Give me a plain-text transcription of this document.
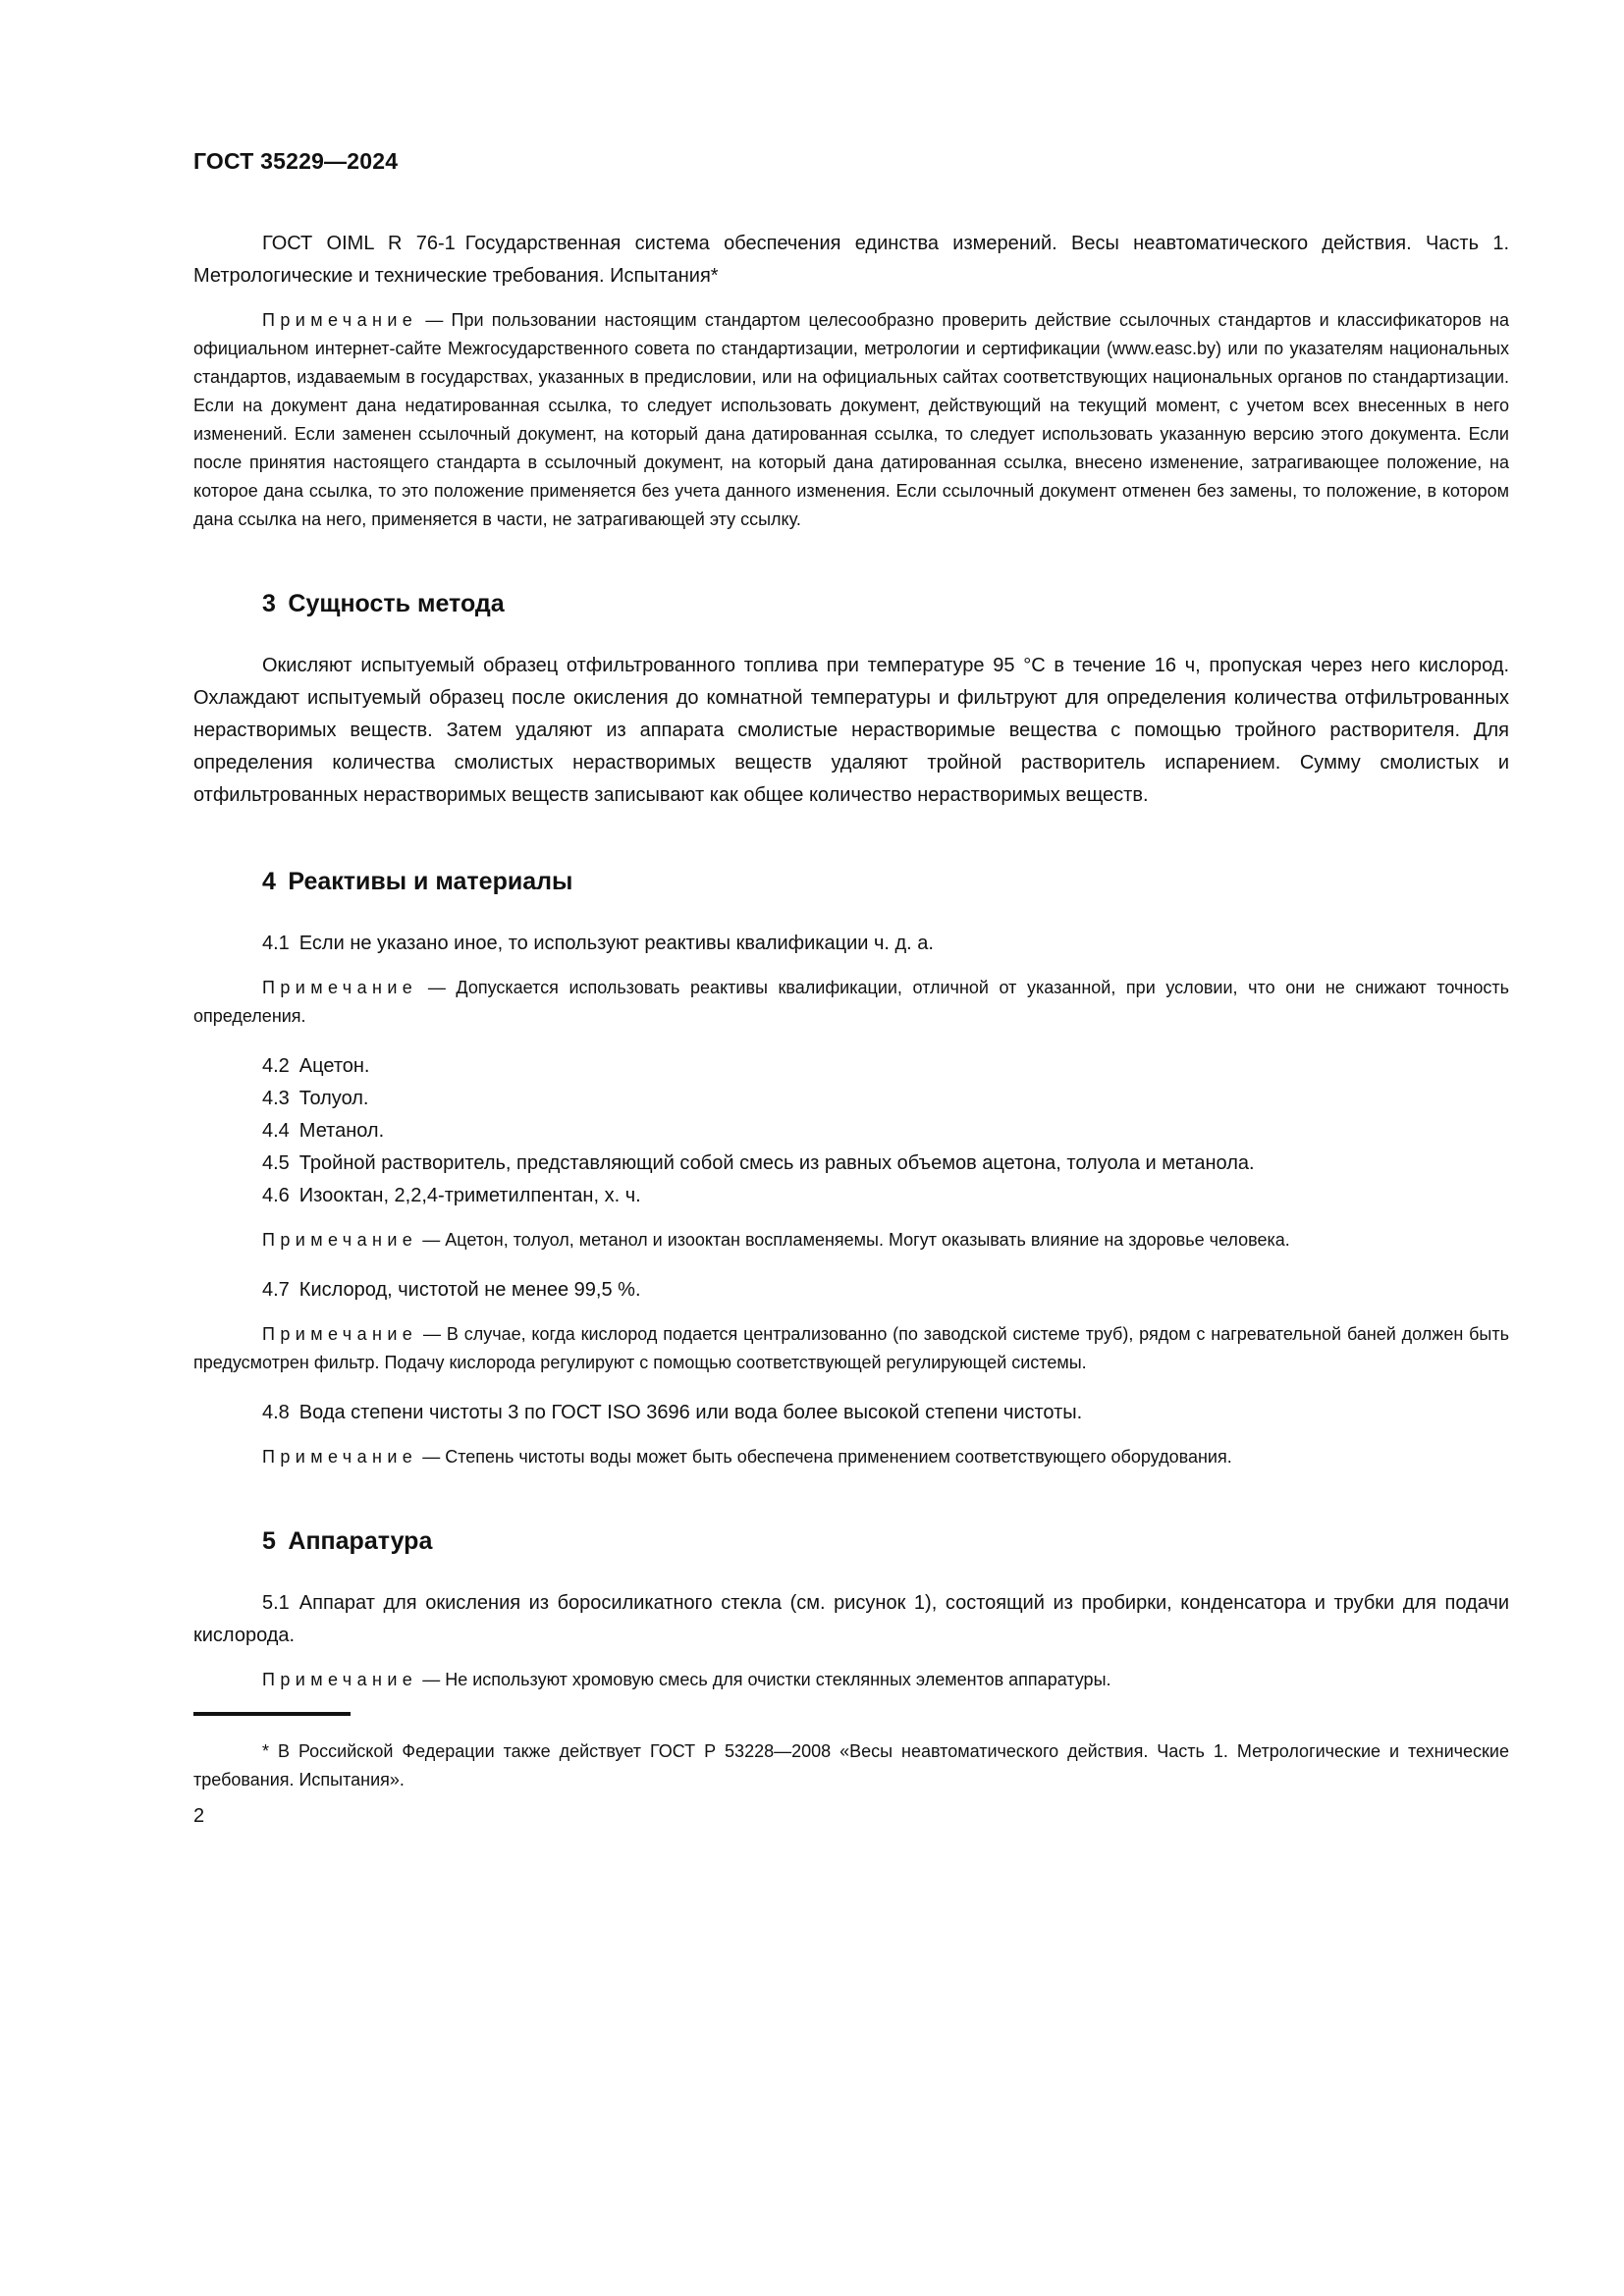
ГОСТ 35229—2024

ГОСТ OIML R 76-1 Государственная система обеспечения единства измерений. Весы неавтоматического действия. Часть 1. Метрологические и технические требования. Испытания*

Примечание — При пользовании настоящим стандартом целесообразно проверить действие ссылочных стандартов и классификаторов на официальном интернет-сайте Межгосударственного совета по стандартизации, метрологии и сертификации (www.easc.by) или по указателям национальных стандартов, издаваемым в государствах, указанных в предисловии, или на официальных сайтах соответствующих национальных органов по стандартизации. Если на документ дана недатированная ссылка, то следует использовать документ, действующий на текущий момент, с учетом всех внесенных в него изменений. Если заменен ссылочный документ, на который дана датированная ссылка, то следует использовать указанную версию этого документа. Если после принятия настоящего стандарта в ссылочный документ, на который дана датированная ссылка, внесено изменение, затрагивающее положение, на которое дана ссылка, то это положение применяется без учета данного изменения. Если ссылочный документ отменен без замены, то положение, в котором дана ссылка на него, применяется в части, не затрагивающей эту ссылку.

3 Сущность метода

Окисляют испытуемый образец отфильтрованного топлива при температуре 95 °С в течение 16 ч, пропуская через него кислород. Охлаждают испытуемый образец после окисления до комнатной температуры и фильтруют для определения количества отфильтрованных нерастворимых веществ. Затем удаляют из аппарата смолистые нерастворимые вещества с помощью тройного растворителя. Для определения количества смолистых нерастворимых веществ удаляют тройной растворитель испарением. Сумму смолистых и отфильтрованных нерастворимых веществ записывают как общее количество нерастворимых веществ.

4 Реактивы и материалы

4.1 Если не указано иное, то используют реактивы квалификации ч. д. а.

Примечание — Допускается использовать реактивы квалификации, отличной от указанной, при условии, что они не снижают точность определения.

4.2 Ацетон.

4.3 Толуол.

4.4 Метанол.

4.5 Тройной растворитель, представляющий собой смесь из равных объемов ацетона, толуола и метанола.

4.6 Изооктан, 2,2,4-триметилпентан, х. ч.

Примечание — Ацетон, толуол, метанол и изооктан воспламеняемы. Могут оказывать влияние на здоровье человека.

4.7 Кислород, чистотой не менее 99,5 %.

Примечание — В случае, когда кислород подается централизованно (по заводской системе труб), рядом с нагревательной баней должен быть предусмотрен фильтр. Подачу кислорода регулируют с помощью соответствующей регулирующей системы.

4.8 Вода степени чистоты 3 по ГОСТ ISO 3696 или вода более высокой степени чистоты.

Примечание — Степень чистоты воды может быть обеспечена применением соответствующего оборудования.

5 Аппаратура

5.1 Аппарат для окисления из боросиликатного стекла (см. рисунок 1), состоящий из пробирки, конденсатора и трубки для подачи кислорода.

Примечание — Не используют хромовую смесь для очистки стеклянных элементов аппаратуры.

* В Российской Федерации также действует ГОСТ Р 53228—2008 «Весы неавтоматического действия. Часть 1. Метрологические и технические требования. Испытания».

2
